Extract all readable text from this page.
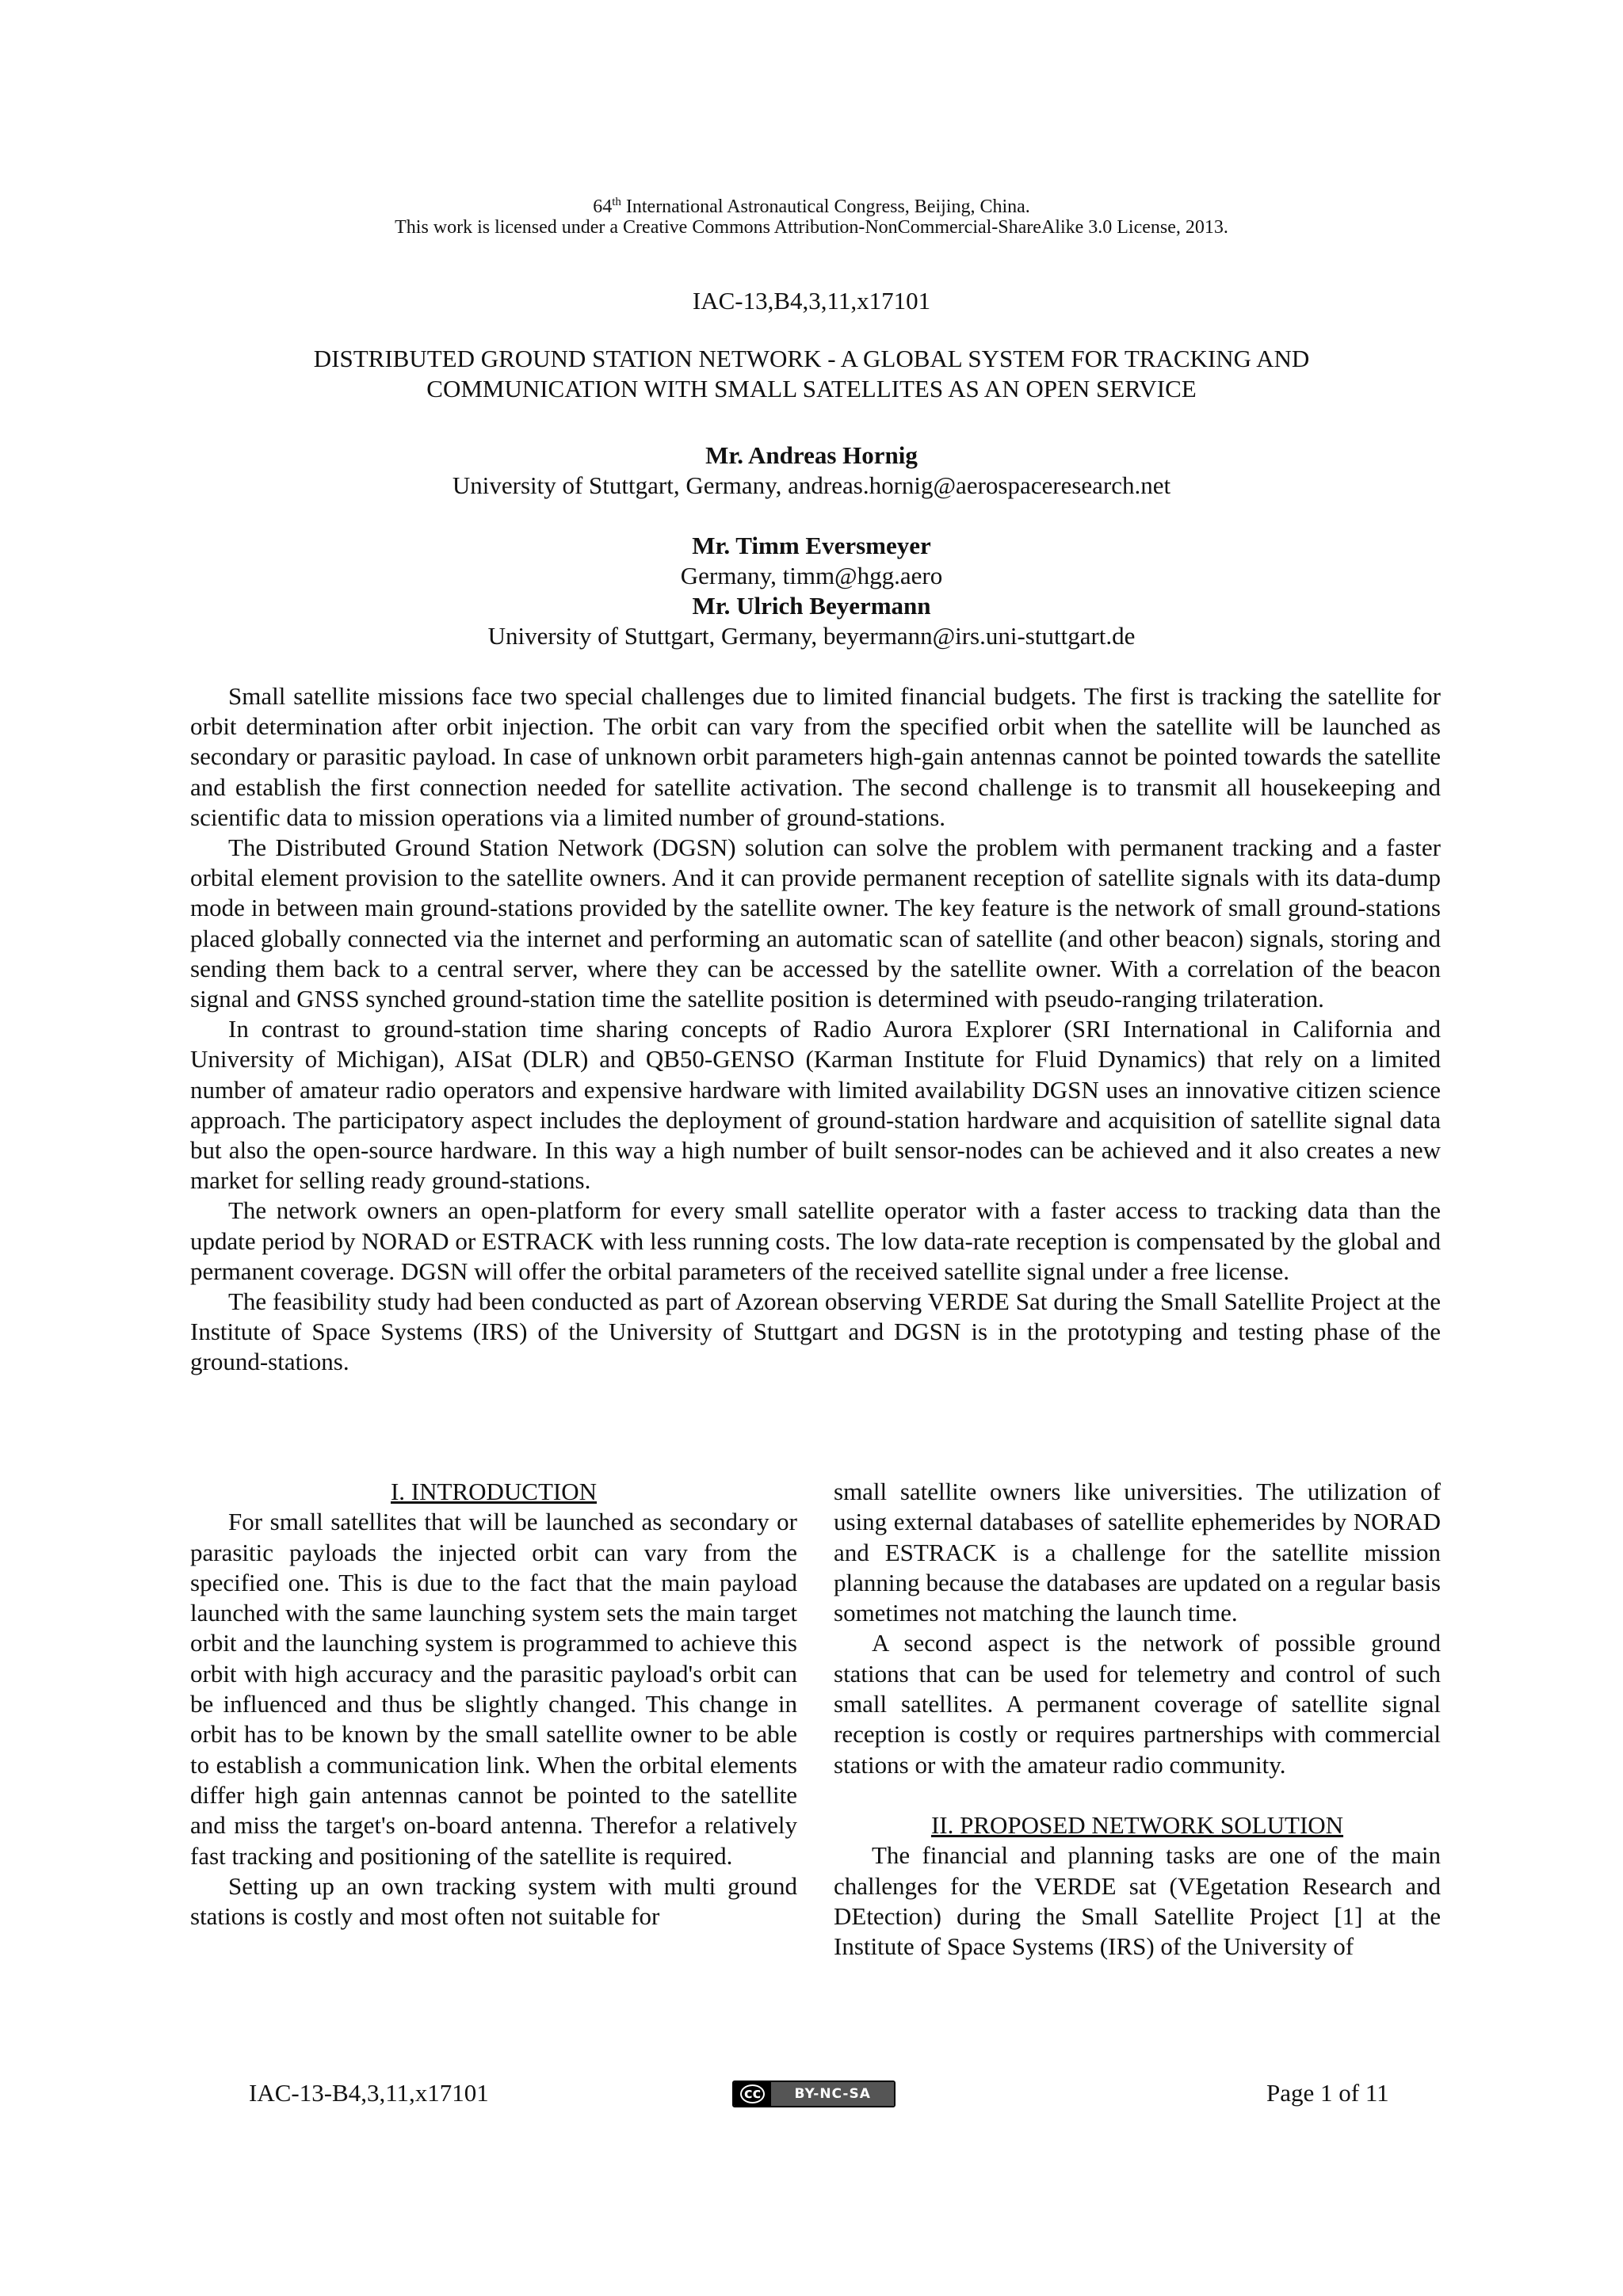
64th International Astronautical Congress, Beijing, China.
This work is licensed under a Creative Commons Attribution-NonCommercial-ShareAlike 3.0 License, 2013.
IAC-13,B4,3,11,x17101
DISTRIBUTED GROUND STATION NETWORK - A GLOBAL SYSTEM FOR TRACKING AND COMMUNICATION WITH SMALL SATELLITES AS AN OPEN SERVICE
Mr. Andreas Hornig
University of Stuttgart, Germany, andreas.hornig@aerospaceresearch.net
Mr. Timm Eversmeyer
Germany, timm@hgg.aero
Mr. Ulrich Beyermann
University of Stuttgart, Germany, beyermann@irs.uni-stuttgart.de

Small satellite missions face two special challenges due to limited financial budgets. The first is tracking the satellite for orbit determination after orbit injection. The orbit can vary from the specified orbit when the satellite will be launched as secondary or parasitic payload. In case of unknown orbit parameters high-gain antennas cannot be pointed towards the satellite and establish the first connection needed for satellite activation. The second challenge is to transmit all housekeeping and scientific data to mission operations via a limited number of ground-stations.

The Distributed Ground Station Network (DGSN) solution can solve the problem with permanent tracking and a faster orbital element provision to the satellite owners. And it can provide permanent reception of satellite signals with its data-dump mode in between main ground-stations provided by the satellite owner. The key feature is the network of small ground-stations placed globally connected via the internet and performing an automatic scan of satellite (and other beacon) signals, storing and sending them back to a central server, where they can be accessed by the satellite owner. With a correlation of the beacon signal and GNSS synched ground-station time the satellite position is determined with pseudo-ranging trilateration.

In contrast to ground-station time sharing concepts of Radio Aurora Explorer (SRI International in California and University of Michigan), AISat (DLR) and QB50-GENSO (Karman Institute for Fluid Dynamics) that rely on a limited number of amateur radio operators and expensive hardware with limited availability DGSN uses an innovative citizen science approach. The participatory aspect includes the deployment of ground-station hardware and acquisition of satellite signal data but also the open-source hardware. In this way a high number of built sensor-nodes can be achieved and it also creates a new market for selling ready ground-stations.

The network owners an open-platform for every small satellite operator with a faster access to tracking data than the update period by NORAD or ESTRACK with less running costs. The low data-rate reception is compensated by the global and permanent coverage. DGSN will offer the orbital parameters of the received satellite signal under a free license.

The feasibility study had been conducted as part of Azorean observing VERDE Sat during the Small Satellite Project at the Institute of Space Systems (IRS) of the University of Stuttgart and DGSN is in the prototyping and testing phase of the ground-stations.

I. INTRODUCTION

For small satellites that will be launched as secondary or parasitic payloads the injected orbit can vary from the specified one. This is due to the fact that the main payload launched with the same launching system sets the main target orbit and the launching system is programmed to achieve this orbit with high accuracy and the parasitic payload's orbit can be influenced and thus be slightly changed. This change in orbit has to be known by the small satellite owner to be able to establish a communication link. When the orbital elements differ high gain antennas cannot be pointed to the satellite and miss the target's on-board antenna. Therefor a relatively fast tracking and positioning of the satellite is required.

Setting up an own tracking system with multi ground stations is costly and most often not suitable for

small satellite owners like universities. The utilization of using external databases of satellite ephemerides by NORAD and ESTRACK is a challenge for the satellite mission planning because the databases are updated on a regular basis sometimes not matching the launch time.

A second aspect is the network of possible ground stations that can be used for telemetry and control of such small satellites. A permanent coverage of satellite signal reception is costly or requires partnerships with commercial stations or with the amateur radio community.

II. PROPOSED NETWORK SOLUTION

The financial and planning tasks are one of the main challenges for the VERDE sat (VEgetation Research and DEtection) during the Small Satellite Project [1] at the Institute of Space Systems (IRS) of the University of

IAC-13-B4,3,11,x17101	cc	BY-NC-SA	Page 1 of 11
